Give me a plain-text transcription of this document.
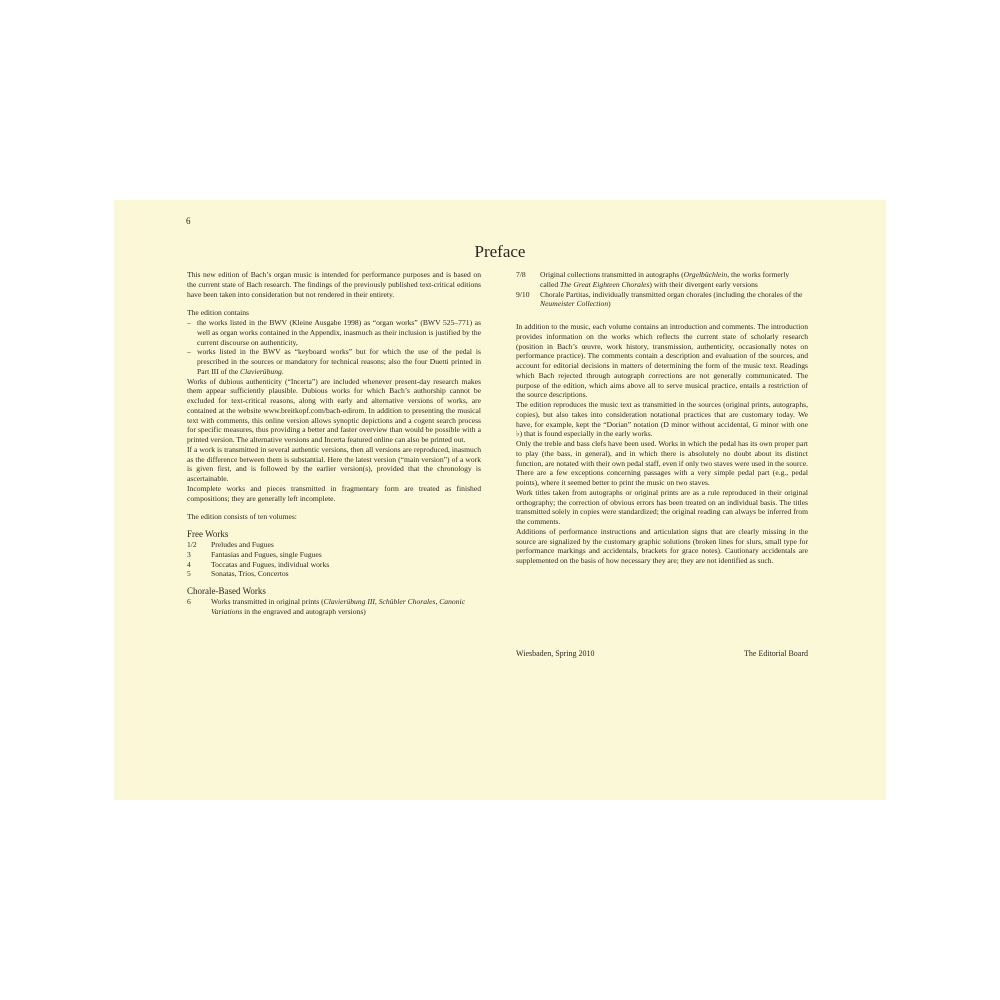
6
Preface

This new edition of Bach’s organ music is intended for performance purposes and is based on the current state of Bach research. The findings of the previously published text-critical editions have been taken into consideration but not rendered in their entirety.

The edition contains

– the works listed in the BWV (Kleine Ausgabe 1998) as “organ works” (BWV 525–771) as well as organ works contained in the Appendix, inasmuch as their inclusion is justified by the current discourse on authenticity,
– works listed in the BWV as “keyboard works” but for which the use of the pedal is prescribed in the sources or mandatory for technical reasons; also the four Duetti printed in Part III of the Clavierübung.

Works of dubious authenticity (“Incerta”) are included whenever present-day research makes them appear sufficiently plausible. Dubious works for which Bach’s authorship cannot be excluded for text-critical reasons, along with early and alternative versions of works, are contained at the website www.breitkopf.com/bach-edirom. In addition to presenting the musical text with comments, this online version allows synoptic depictions and a cogent search process for specific measures, thus providing a better and faster overview than would be possible with a printed version. The alternative versions and Incerta featured online can also be printed out.

If a work is transmitted in several authentic versions, then all versions are reproduced, inasmuch as the difference between them is substantial. Here the latest version (“main version”) of a work is given first, and is followed by the earlier version(s), provided that the chronology is ascertainable.

Incomplete works and pieces transmitted in fragmentary form are treated as finished compositions; they are generally left incomplete.

The edition consists of ten volumes:

Free Works
1/2	Preludes and Fugues
3	Fantasias and Fugues, single Fugues
4	Toccatas and Fugues, individual works
5	Sonatas, Trios, Concertos
Chorale-Based Works
6	Works transmitted in original prints (Clavierübung III, Schübler Chorales, Canonic Variations in the engraved and autograph versions)
7/8	Original collections transmitted in autographs (Orgelbüchlein, the works formerly called The Great Eighteen Chorales) with their divergent early versions
9/10	Chorale Partitas, individually transmitted organ chorales (including the chorales of the Neumeister Collection)

In addition to the music, each volume contains an introduction and comments. The introduction provides information on the works which reflects the current state of scholarly research (position in Bach’s œuvre, work history, transmission, authenticity, occasionally notes on performance practice). The comments contain a description and evaluation of the sources, and account for editorial decisions in matters of determining the form of the music text. Readings which Bach rejected through autograph corrections are not generally communicated. The purpose of the edition, which aims above all to serve musical practice, entails a restriction of the source descriptions.

The edition reproduces the music text as transmitted in the sources (original prints, autographs, copies), but also takes into consideration notational practices that are customary today. We have, for example, kept the “Dorian” notation (D minor without accidental, G minor with one ♭) that is found especially in the early works.

Only the treble and bass clefs have been used. Works in which the pedal has its own proper part to play (the bass, in general), and in which there is absolutely no doubt about its distinct function, are notated with their own pedal staff, even if only two staves were used in the source. There are a few exceptions concerning passages with a very simple pedal part (e.g., pedal points), where it seemed better to print the music on two staves.

Work titles taken from autographs or original prints are as a rule reproduced in their original orthography; the correction of obvious errors has been treated on an individual basis. The titles transmitted solely in copies were standardized; the original reading can always be inferred from the comments.

Additions of performance instructions and articulation signs that are clearly missing in the source are signalized by the customary graphic solutions (broken lines for slurs, small type for performance markings and accidentals, brackets for grace notes). Cautionary accidentals are supplemented on the basis of how necessary they are; they are not identified as such.

Wiesbaden, Spring 2010	The Editorial Board
